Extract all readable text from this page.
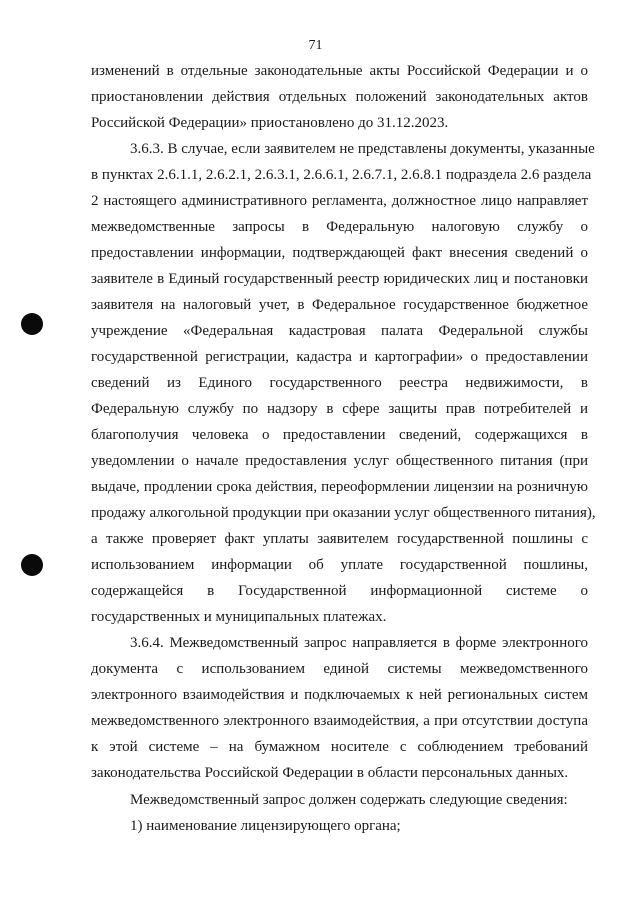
71

изменений в отдельные законодательные акты Российской Федерации и о

приостановлении действия отдельных положений законодательных актов

Российской Федерации» приостановлено до 31.12.2023.

3.6.3. В случае, если заявителем не представлены документы, указанные

в пунктах 2.6.1.1, 2.6.2.1, 2.6.3.1, 2.6.6.1, 2.6.7.1, 2.6.8.1 подраздела 2.6 раздела

2 настоящего административного регламента, должностное лицо направляет

межведомственные запросы в Федеральную налоговую службу о

предоставлении информации, подтверждающей факт внесения сведений о

заявителе в Единый государственный реестр юридических лиц и постановки

заявителя на налоговый учет, в Федеральное государственное бюджетное

учреждение «Федеральная кадастровая палата Федеральной службы

государственной регистрации, кадастра и картографии» о предоставлении

сведений из Единого государственного реестра недвижимости, в

Федеральную службу по надзору в сфере защиты прав потребителей и

благополучия человека о предоставлении сведений, содержащихся в

уведомлении о начале предоставления услуг общественного питания (при

выдаче, продлении срока действия, переоформлении лицензии на розничную

продажу алкогольной продукции при оказании услуг общественного питания),

а также проверяет факт уплаты заявителем государственной пошлины с

использованием информации об уплате государственной пошлины,

содержащейся в Государственной информационной системе о

государственных и муниципальных платежах.

3.6.4. Межведомственный запрос направляется в форме электронного

документа с использованием единой системы межведомственного

электронного взаимодействия и подключаемых к ней региональных систем

межведомственного электронного взаимодействия, а при отсутствии доступа

к этой системе – на бумажном носителе с соблюдением требований

законодательства Российской Федерации в области персональных данных.

Межведомственный запрос должен содержать следующие сведения:

1) наименование лицензирующего органа;
